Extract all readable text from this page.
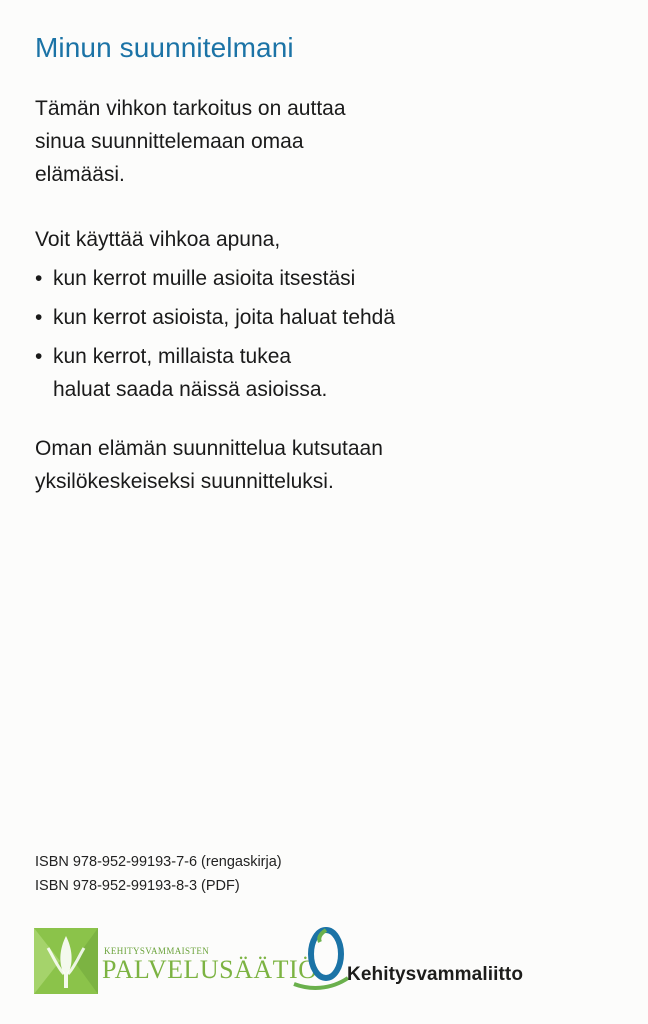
Minun suunnitelmani

Tämän vihkon tarkoitus on auttaa sinua suunnittelemaan omaa elämääsi.

Voit käyttää vihkoa apuna,

• kun kerrot muille asioita itsestäsi
• kun kerrot asioista, joita haluat tehdä
• kun kerrot, millaista tukea
haluat saada näissä asioissa.

Oman elämän suunnittelua kutsutaan yksilökeskeiseksi suunnitteluksi.

ISBN 978-952-99193-7-6 (rengaskirja)
ISBN 978-952-99193-8-3 (PDF)
KEHITYSVAMMAISTEN
PALVELUSÄÄTIÖ Kehitysvammaliitto
